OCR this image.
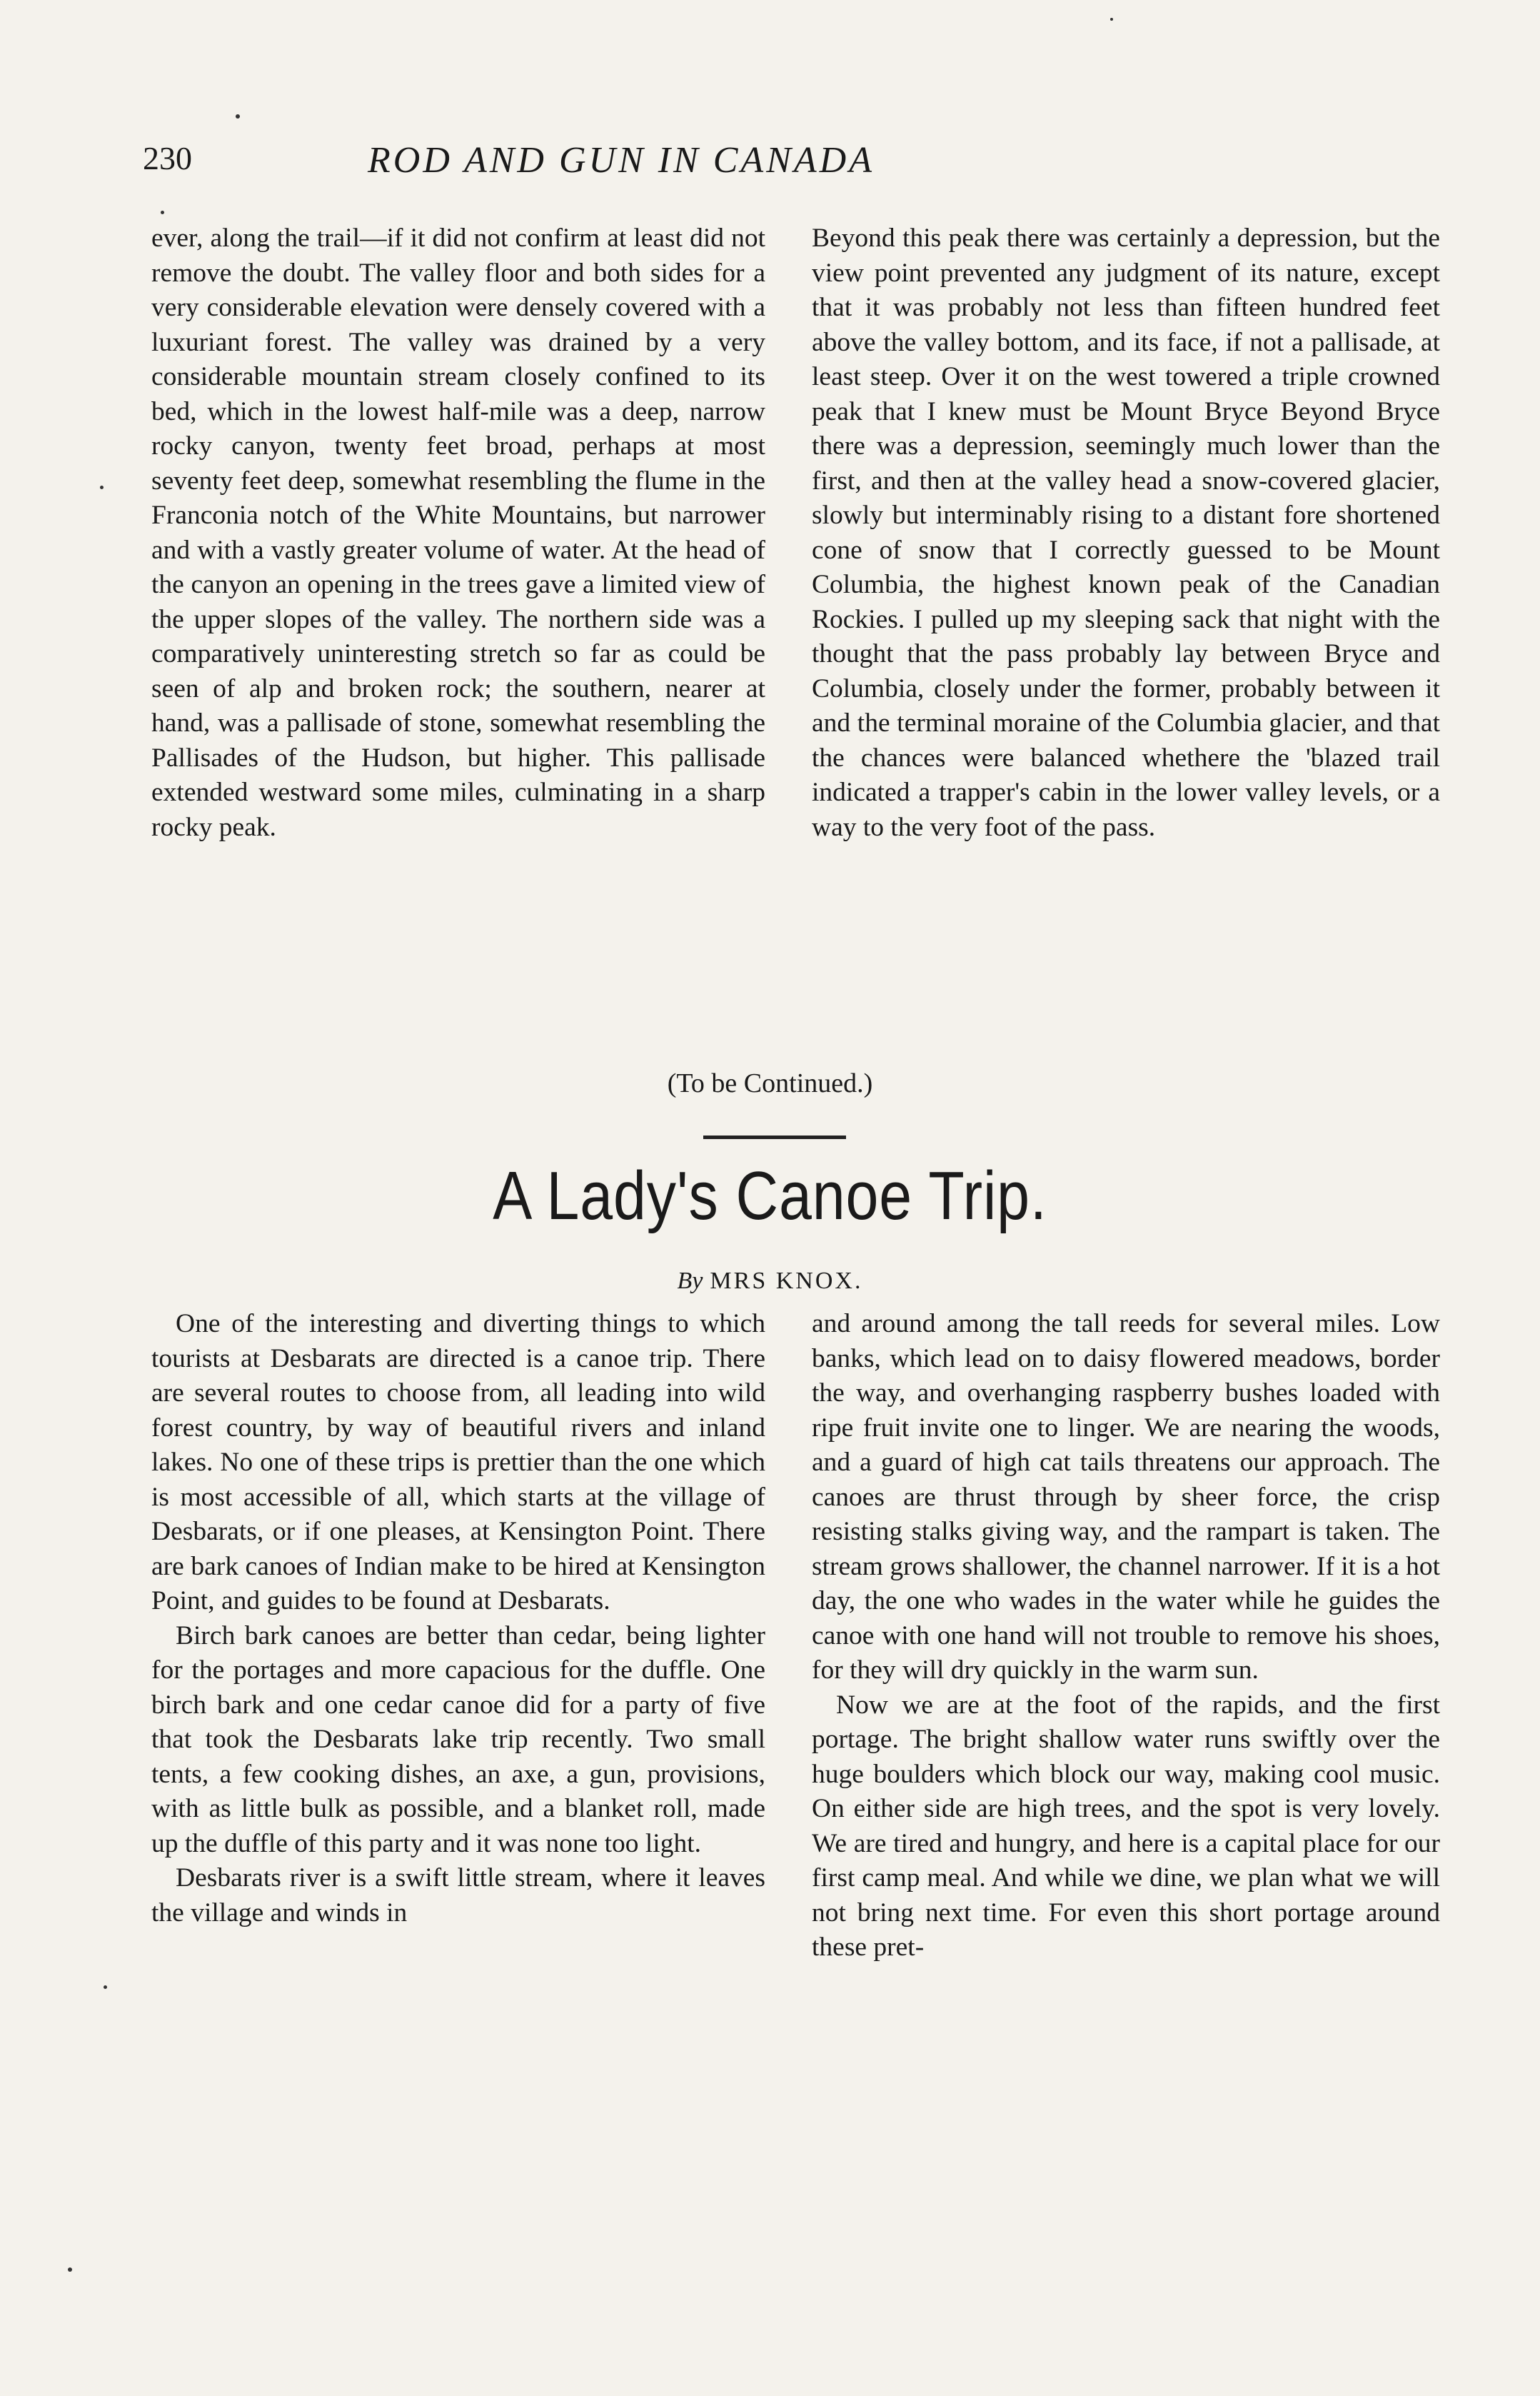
230	ROD AND GUN IN CANADA

ever, along the trail—if it did not confirm at least did not remove the doubt. The valley floor and both sides for a very considerable elevation were densely covered with a luxuriant forest. The valley was drained by a very considerable mountain stream closely confined to its bed, which in the lowest half-mile was a deep, narrow rocky canyon, twenty feet broad, perhaps at most seventy feet deep, somewhat resembling the flume in the Franconia notch of the White Mountains, but narrower and with a vastly greater volume of water. At the head of the canyon an opening in the trees gave a limited view of the upper slopes of the valley. The northern side was a comparatively uninteresting stretch so far as could be seen of alp and broken rock; the southern, nearer at hand, was a pallisade of stone, somewhat resembling the Pallisades of the Hudson, but higher. This pallisade extended westward some miles, culminating in a sharp rocky peak.

Beyond this peak there was certainly a depression, but the view point prevented any judgment of its nature, except that it was probably not less than fifteen hundred feet above the valley bottom, and its face, if not a pallisade, at least steep. Over it on the west towered a triple crowned peak that I knew must be Mount Bryce Beyond Bryce there was a depression, seemingly much lower than the first, and then at the valley head a snow-covered glacier, slowly but interminably rising to a distant fore shortened cone of snow that I correctly guessed to be Mount Columbia, the highest known peak of the Canadian Rockies. I pulled up my sleeping sack that night with the thought that the pass probably lay between Bryce and Columbia, closely under the former, probably between it and the terminal moraine of the Columbia glacier, and that the chances were balanced whethere the 'blazed trail indicated a trapper's cabin in the lower valley levels, or a way to the very foot of the pass.

(To be Continued.)
A Lady's Canoe Trip.
By MRS KNOX.

One of the interesting and diverting things to which tourists at Desbarats are directed is a canoe trip. There are several routes to choose from, all leading into wild forest country, by way of beautiful rivers and inland lakes. No one of these trips is prettier than the one which is most accessible of all, which starts at the village of Desbarats, or if one pleases, at Kensington Point. There are bark canoes of Indian make to be hired at Kensington Point, and guides to be found at Desbarats.

Birch bark canoes are better than cedar, being lighter for the portages and more capacious for the duffle. One birch bark and one cedar canoe did for a party of five that took the Desbarats lake trip recently. Two small tents, a few cooking dishes, an axe, a gun, provisions, with as little bulk as possible, and a blanket roll, made up the duffle of this party and it was none too light.

Desbarats river is a swift little stream, where it leaves the village and winds in

and around among the tall reeds for several miles. Low banks, which lead on to daisy flowered meadows, border the way, and overhanging raspberry bushes loaded with ripe fruit invite one to linger. We are nearing the woods, and a guard of high cat tails threatens our approach. The canoes are thrust through by sheer force, the crisp resisting stalks giving way, and the rampart is taken. The stream grows shallower, the channel narrower. If it is a hot day, the one who wades in the water while he guides the canoe with one hand will not trouble to remove his shoes, for they will dry quickly in the warm sun.

Now we are at the foot of the rapids, and the first portage. The bright shallow water runs swiftly over the huge boulders which block our way, making cool music. On either side are high trees, and the spot is very lovely. We are tired and hungry, and here is a capital place for our first camp meal. And while we dine, we plan what we will not bring next time. For even this short portage around these pret-
